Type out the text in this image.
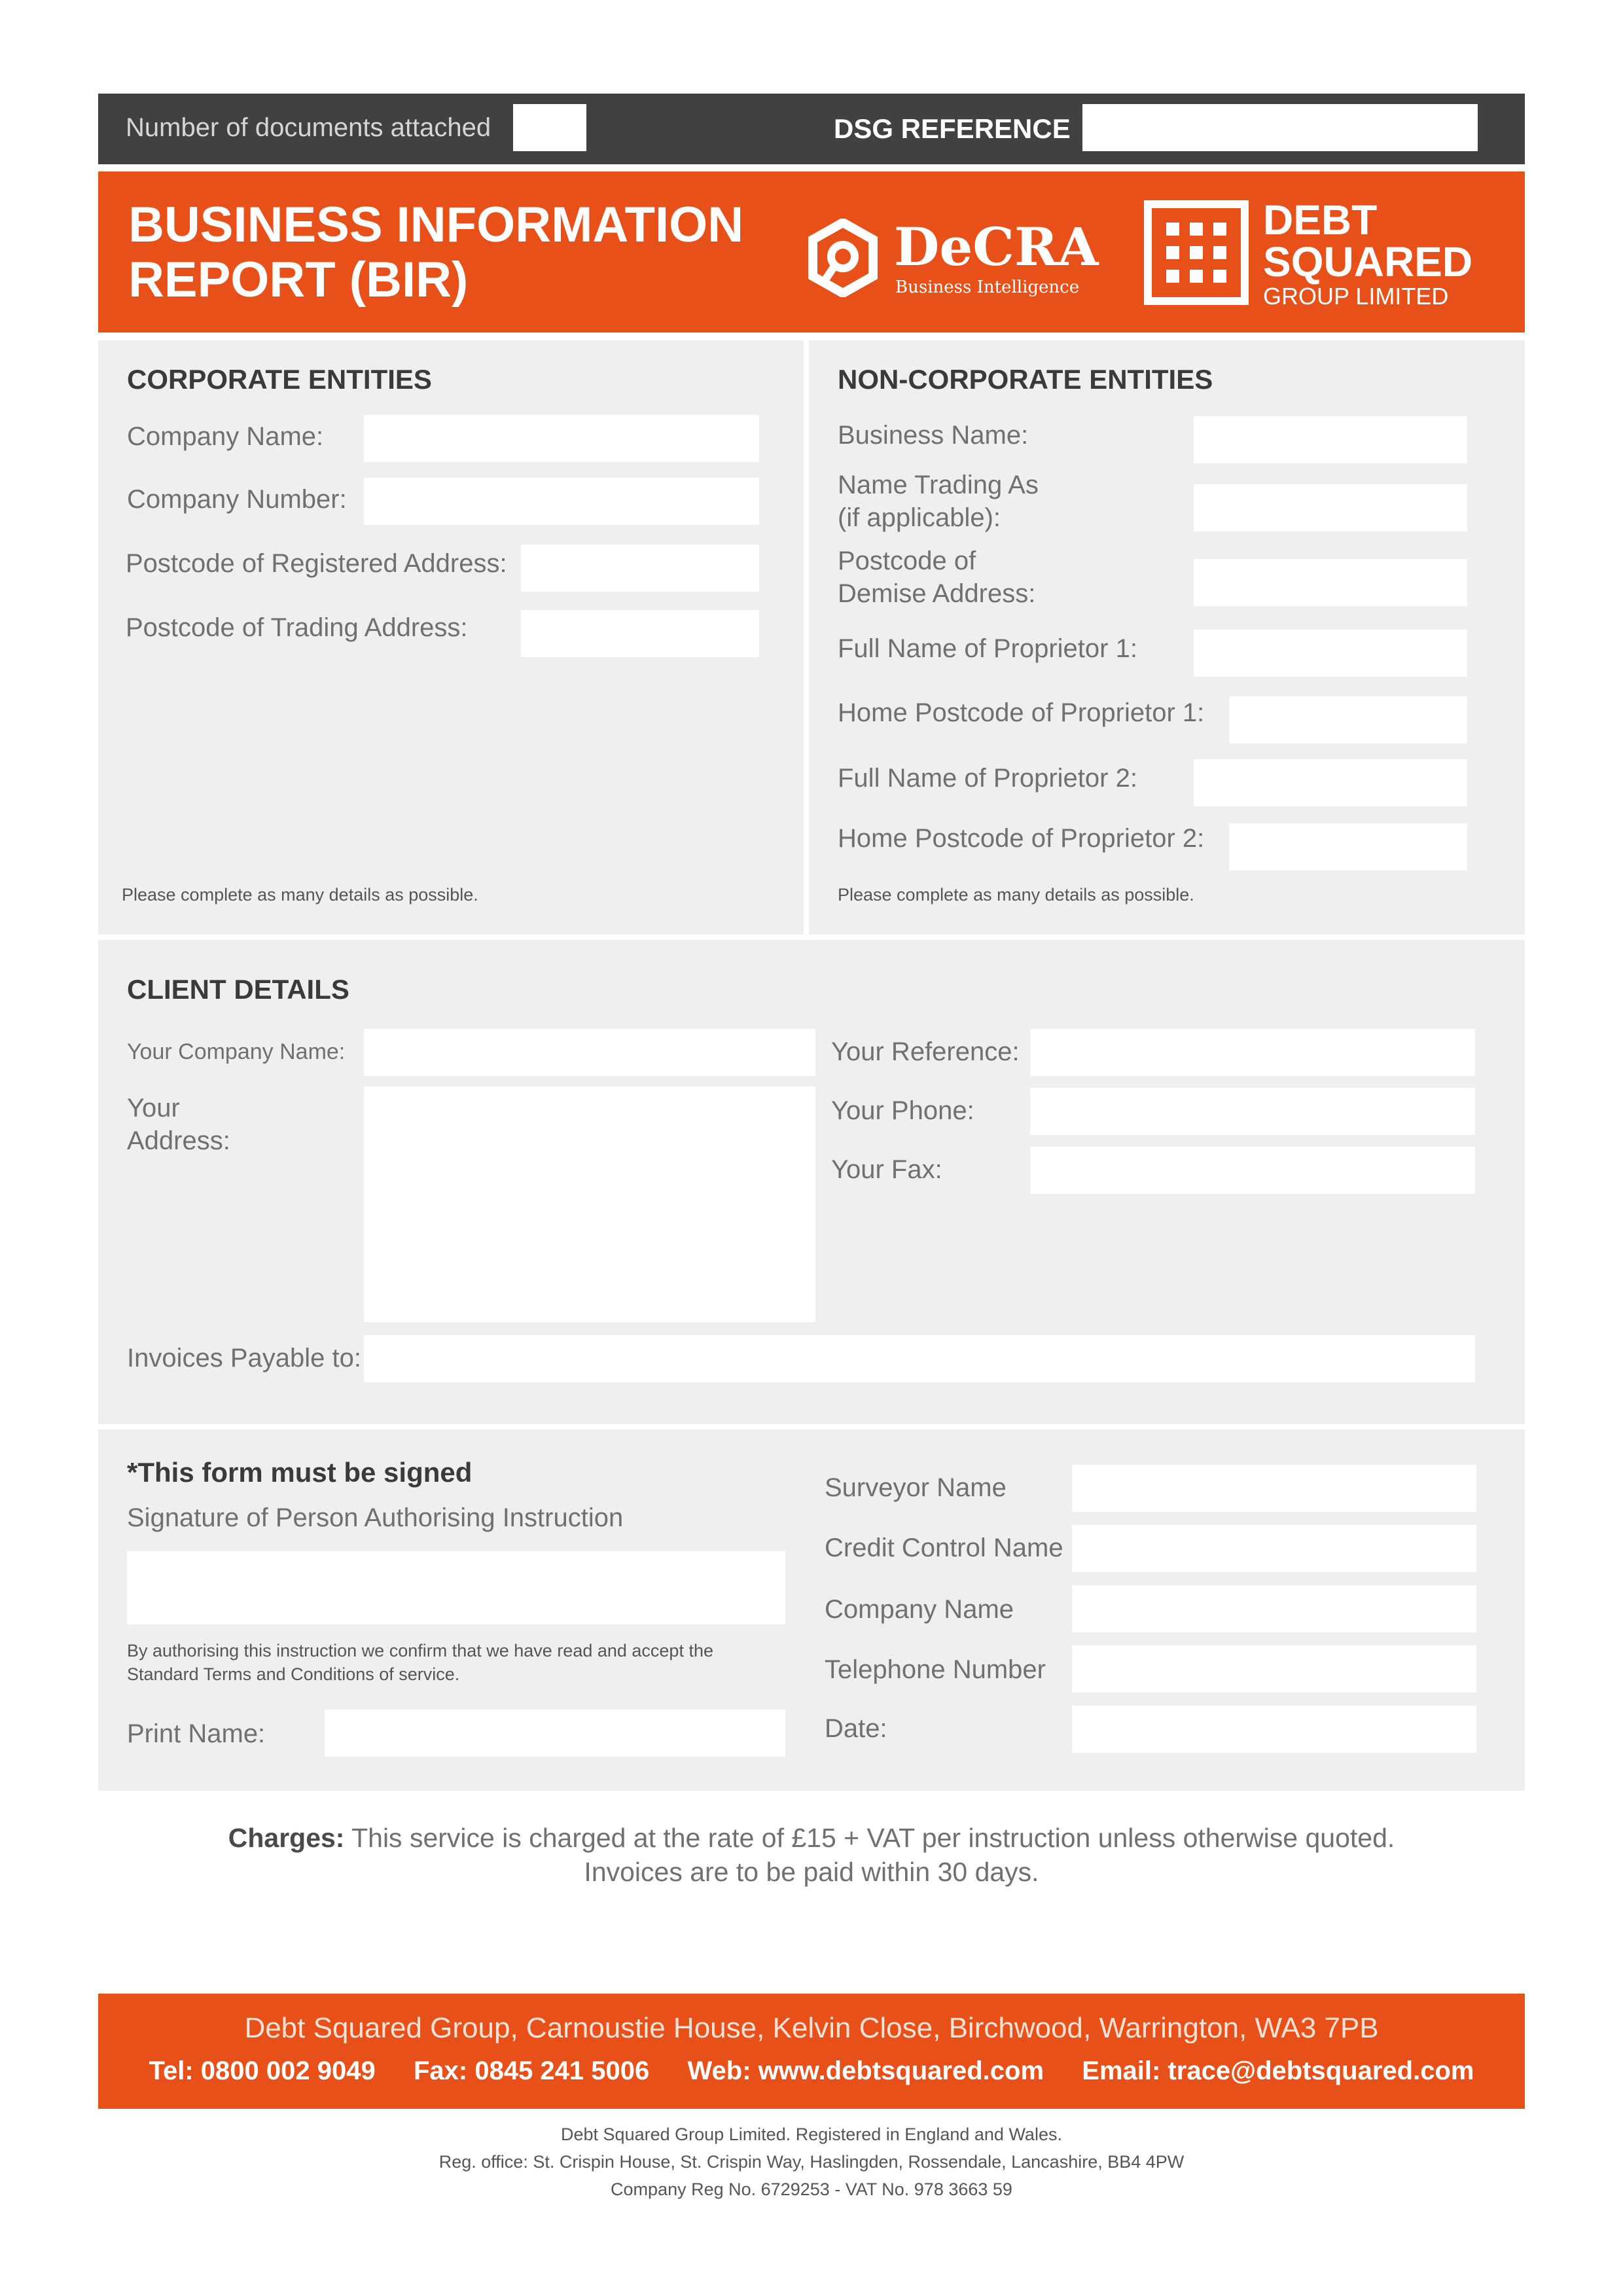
Number of documents attached	DSG REFERENCE
BUSINESS INFORMATION
REPORT (BIR)
DeCRA
Business Intelligence
DEBT
SQUARED
GROUP LIMITED
CORPORATE ENTITIES
Company Name:
Company Number:
Postcode of Registered Address:
Postcode of Trading Address:
Please complete as many details as possible.
NON-CORPORATE ENTITIES
Business Name:
Name Trading As
(if applicable):
Postcode of
Demise Address:
Full Name of Proprietor 1:
Home Postcode of Proprietor 1:
Full Name of Proprietor 2:
Home Postcode of Proprietor 2:
Please complete as many details as possible.
CLIENT DETAILS
Your Company Name:
Your
Address:
Your Reference:
Your Phone:
Your Fax:
Invoices Payable to:
*This form must be signed
Signature of Person Authorising Instruction
By authorising this instruction we confirm that we have read and accept the
Standard Terms and Conditions of service.
Print Name:
Surveyor Name
Credit Control Name
Company Name
Telephone Number
Date:
Charges: This service is charged at the rate of £15 + VAT per instruction unless otherwise quoted.
Invoices are to be paid within 30 days.
Debt Squared Group, Carnoustie House, Kelvin Close, Birchwood, Warrington, WA3 7PB
Tel: 0800 002 9049 Fax: 0845 241 5006 Web: www.debtsquared.com Email: trace@debtsquared.com
Debt Squared Group Limited. Registered in England and Wales.
Reg. office: St. Crispin House, St. Crispin Way, Haslingden, Rossendale, Lancashire, BB4 4PW
Company Reg No. 6729253 - VAT No. 978 3663 59
